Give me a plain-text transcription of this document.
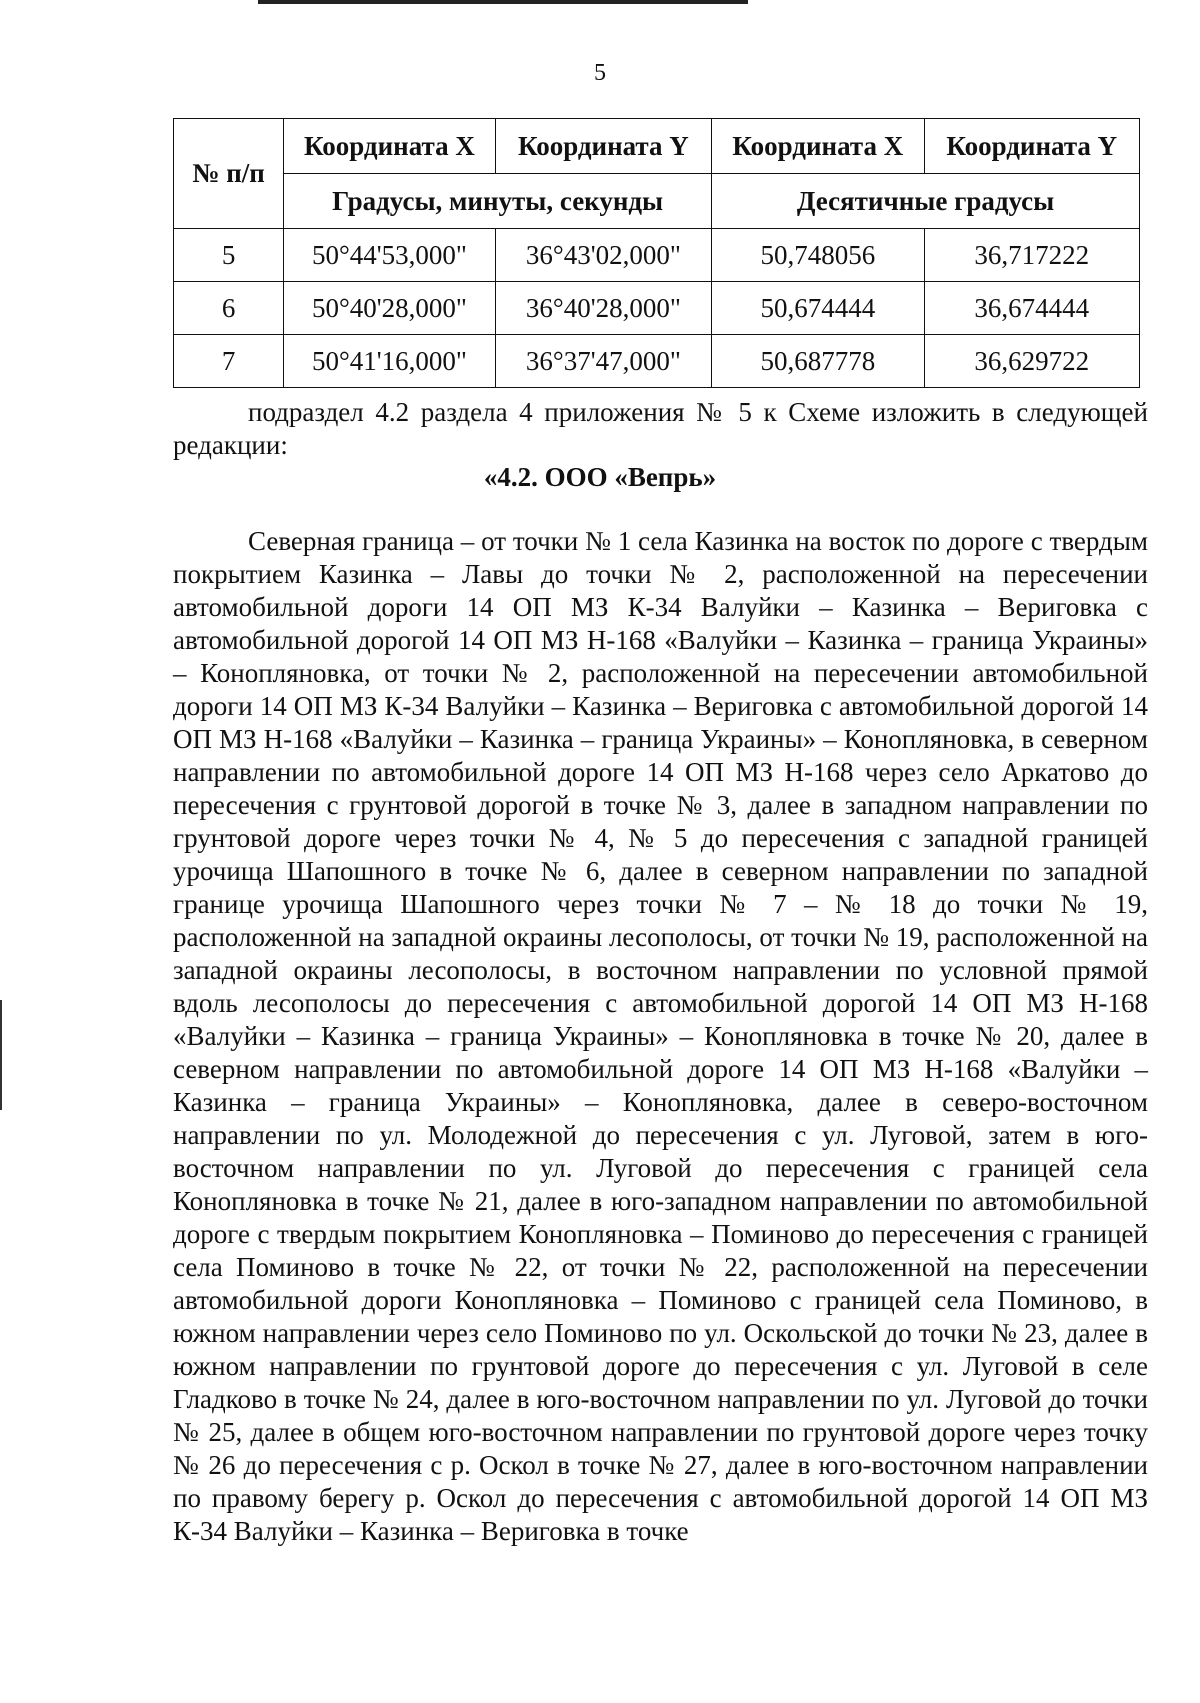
5
№ п/п	Координата X	Координата Y	Координата X	Координата Y
	Градусы, минуты, секунды		Десятичные градусы	
5	50°44'53,000"	36°43'02,000"	50,748056	36,717222
6	50°40'28,000"	36°40'28,000"	50,674444	36,674444
7	50°41'16,000"	36°37'47,000"	50,687778	36,629722
подраздел 4.2 раздела 4 приложения № 5 к Схеме изложить в следующей редакции:
«4.2. ООО «Вепрь»
Северная граница – от точки № 1 села Казинка на восток по дороге с твердым покрытием Казинка – Лавы до точки № 2, расположенной на пересечении автомобильной дороги 14 ОП МЗ К-34 Валуйки – Казинка – Вериговка с автомобильной дорогой 14 ОП МЗ Н-168 «Валуйки – Казинка – граница Украины» – Конопляновка, от точки № 2, расположенной на пересечении автомобильной дороги 14 ОП МЗ К-34 Валуйки – Казинка – Вериговка с автомобильной дорогой 14 ОП МЗ Н-168 «Валуйки – Казинка – граница Украины» – Конопляновка, в северном направлении по автомобильной дороге 14 ОП МЗ Н-168 через село Аркатово до пересечения с грунтовой дорогой в точке № 3, далее в западном направлении по грунтовой дороге через точки № 4, № 5 до пересечения с западной границей урочища Шапошного в точке № 6, далее в северном направлении по западной границе урочища Шапошного через точки № 7 – № 18 до точки № 19, расположенной на западной окраины лесополосы, от точки № 19, расположенной на западной окраины лесополосы, в восточном направлении по условной прямой вдоль лесополосы до пересечения с автомобильной дорогой 14 ОП МЗ Н-168 «Валуйки – Казинка – граница Украины» – Конопляновка в точке № 20, далее в северном направлении по автомобильной дороге 14 ОП МЗ Н-168 «Валуйки – Казинка – граница Украины» – Конопляновка, далее в северо-восточном направлении по ул. Молодежной до пересечения с ул. Луговой, затем в юго-восточном направлении по ул. Луговой до пересечения с границей села Конопляновка в точке № 21, далее в юго-западном направлении по автомобильной дороге с твердым покрытием Конопляновка – Поминово до пересечения с границей села Поминово в точке № 22, от точки № 22, расположенной на пересечении автомобильной дороги Конопляновка – Поминово с границей села Поминово, в южном направлении через село Поминово по ул. Оскольской до точки № 23, далее в южном направлении по грунтовой дороге до пересечения с ул. Луговой в селе Гладково в точке № 24, далее в юго-восточном направлении по ул. Луговой до точки № 25, далее в общем юго-восточном направлении по грунтовой дороге через точку № 26 до пересечения с р. Оскол в точке № 27, далее в юго-восточном направлении по правому берегу р. Оскол до пересечения с автомобильной дорогой 14 ОП МЗ К-34 Валуйки – Казинка – Вериговка в точке
